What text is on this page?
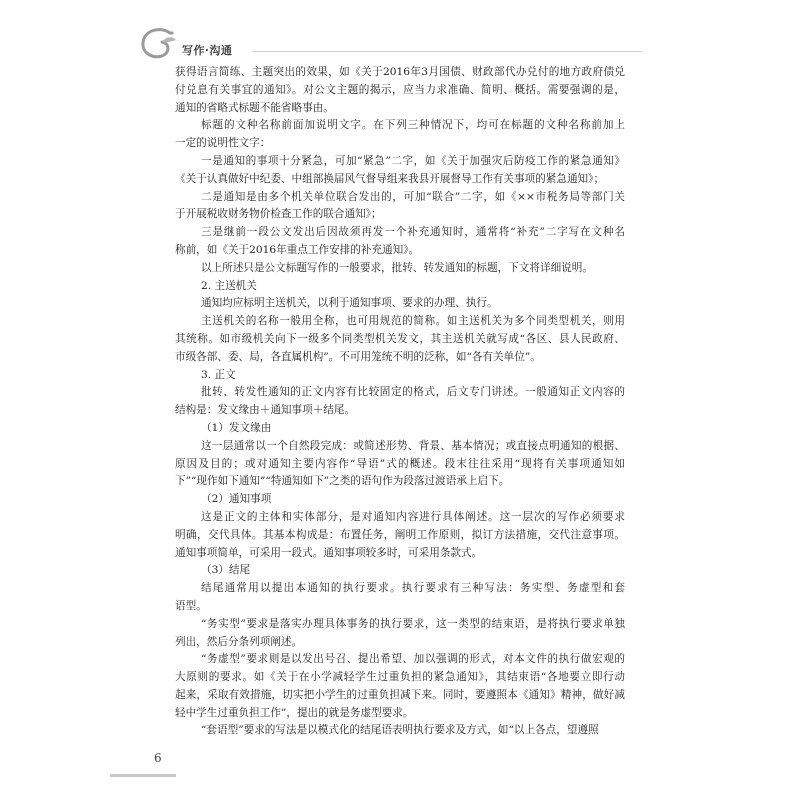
写作·沟通
获得语言简练、主题突出的效果，如《关于2016年3月国债、财政部代办兑付的地方政府债兑
付兑息有关事宜的通知》。对公文主题的揭示，应当力求准确、简明、概括。需要强调的是，
通知的省略式标题不能省略事由。
标题的文种名称前面加说明文字。在下列三种情况下，均可在标题的文种名称前加上
一定的说明性文字：
一是通知的事项十分紧急，可加“紧急”二字，如《关于加强灾后防疫工作的紧急通知》
《关于认真做好中纪委、中组部换届风气督导组来我县开展督导工作有关事项的紧急通知》；
二是通知是由多个机关单位联合发出的，可加“联合”二字，如《××市税务局等部门关
于开展税收财务物价检查工作的联合通知》；
三是继前一段公文发出后因故须再发一个补充通知时，通常将“补充”二字写在文种名
称前，如《关于2016年重点工作安排的补充通知》。
以上所述只是公文标题写作的一般要求，批转、转发通知的标题，下文将详细说明。
2. 主送机关
通知均应标明主送机关，以利于通知事项、要求的办理、执行。
主送机关的名称一般用全称，也可用规范的简称。如主送机关为多个同类型机关，则用
其统称。如市级机关向下一级多个同类型机关发文，其主送机关就写成“各区、县人民政府、
市级各部、委、局，各直属机构”。不可用笼统不明的泛称，如“各有关单位”。
3. 正文
批转、转发性通知的正文内容有比较固定的格式，后文专门讲述。一般通知正文内容的
结构是：发文缘由＋通知事项＋结尾。
（1）发文缘由
这一层通常以一个自然段完成：或简述形势、背景、基本情况；或直接点明通知的根据、
原因及目的；或对通知主要内容作“导语”式的概述。段末往往采用“现将有关事项通知如
下”“现作如下通知”“特通知如下”之类的语句作为段落过渡语承上启下。
（2）通知事项
这是正文的主体和实体部分，是对通知内容进行具体阐述。这一层次的写作必须要求
明确，交代具体。其基本构成是：布置任务，阐明工作原则，拟订方法措施，交代注意事项。
通知事项简单，可采用一段式。通知事项较多时，可采用条款式。
（3）结尾
结尾通常用以提出本通知的执行要求。执行要求有三种写法：务实型、务虚型和套
语型。
“务实型”要求是落实办理具体事务的执行要求，这一类型的结束语，是将执行要求单独
列出，然后分条列项阐述。
“务虚型”要求则是以发出号召、提出希望、加以强调的形式，对本文件的执行做宏观的
大原则的要求。如《关于在小学减轻学生过重负担的紧急通知》，其结束语“各地要立即行动
起来，采取有效措施，切实把小学生的过重负担减下来。同时，要遵照本《通知》精神，做好减
轻中学生过重负担工作”，提出的就是务虚型要求。
“套语型”要求的写法是以模式化的结尾语表明执行要求及方式，如“以上各点，望遵照
6
